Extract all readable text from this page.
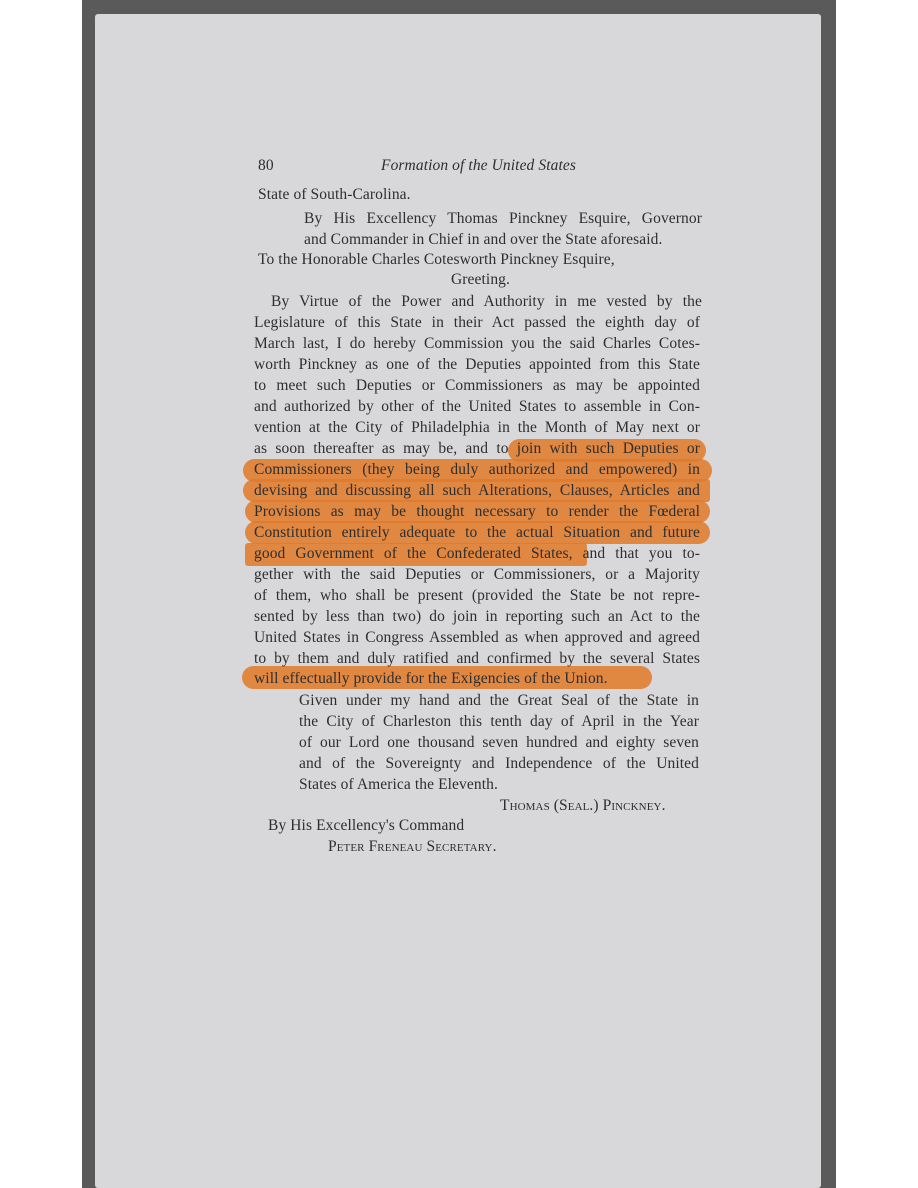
80	Formation of the United States
State of South-Carolina.
By His Excellency Thomas Pinckney Esquire, Governor
and Commander in Chief in and over the State aforesaid.
To the Honorable Charles Cotesworth Pinckney Esquire,
Greeting.
By Virtue of the Power and Authority in me vested by the
Legislature of this State in their Act passed the eighth day of
March last, I do hereby Commission you the said Charles Cotes-
worth Pinckney as one of the Deputies appointed from this State
to meet such Deputies or Commissioners as may be appointed
and authorized by other of the United States to assemble in Con-
vention at the City of Philadelphia in the Month of May next or
as soon thereafter as may be, and to join with such Deputies or
Commissioners (they being duly authorized and empowered) in
devising and discussing all such Alterations, Clauses, Articles and
Provisions as may be thought necessary to render the Fœderal
Constitution entirely adequate to the actual Situation and future
good Government of the Confederated States, and that you to-
gether with the said Deputies or Commissioners, or a Majority
of them, who shall be present (provided the State be not repre-
sented by less than two) do join in reporting such an Act to the
United States in Congress Assembled as when approved and agreed
to by them and duly ratified and confirmed by the several States
will effectually provide for the Exigencies of the Union.
Given under my hand and the Great Seal of the State in
the City of Charleston this tenth day of April in the Year
of our Lord one thousand seven hundred and eighty seven
and of the Sovereignty and Independence of the United
States of America the Eleventh.
Thomas (Seal.) Pinckney.
By His Excellency's Command
Peter Freneau Secretary.
